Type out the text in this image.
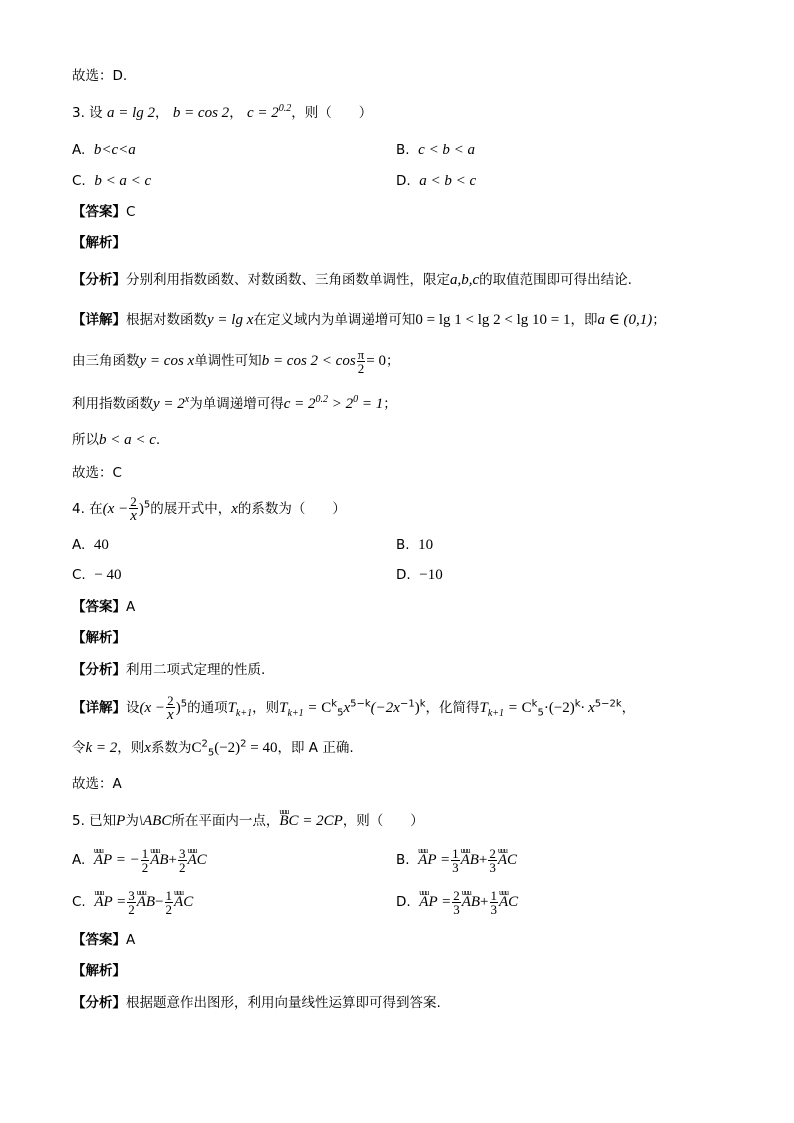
故选：D.
3. 设 a = lg 2， b = cos 2， $c = 2^{0.2}$，则（　　）
A. b<c<a	B. c < b < a
C. b < a < c	D. a < b < c
【答案】C
【解析】
【分析】分别利用指数函数、对数函数、三角函数单调性，限定a,b,c的取值范围即可得出结论.
【详解】根据对数函数y = lg x在定义域内为单调递增可知0 = lg 1 < lg 2 < lg 10 = 1，即a ∈ (0,1)；
由三角函数y = cos x单调性可知$b = \cos 2 < \cos \frac{\pi}{2} = 0$；
利用指数函数$y = 2^x$为单调递增可得$c = 2^{0.2} > 2^0 = 1$；
所以b < a < c.
故选：C
4. 在$(x - \frac{2}{x} )^5$的展开式中，x的系数为（　　）
A. 40	B. 10
C. − 40	D. −10
【答案】A
【解析】
【分析】利用二项式定理的性质.
【详解】设$(x - \frac{2}{x} )^5$的通项$T_{k+1}$，则$T_{k+1} = C^k_5x^{5-k}(-2x^{-1})^k$，化简得$T_{k+1} = C^k_5\cdot(-2)^k\cdot x^{5-2k}$，
令k = 2，则x系数为$C^2_5(-2)^2 = 40$，即 A 正确.
故选：A
5. 已知P为\ABC所在平面内一点，uuu BC = 2CP，则（　　）
A. uuu AP = − $\frac{1}{2}$ uuu $AB+ \frac{3}{2}$ uuu AC	B. uuu AP = $\frac{1}{3}$ uuu $AB+ \frac{2}{3}$ uuu AC
C. uuu AP = $\frac{3}{2}$ uuu $AB- \frac{1}{2}$ uuu AC	D. uuu AP = $\frac{2}{3}$ uuu $AB+ \frac{1}{3}$ uuu AC
【答案】A
【解析】
【分析】根据题意作出图形，利用向量线性运算即可得到答案.
